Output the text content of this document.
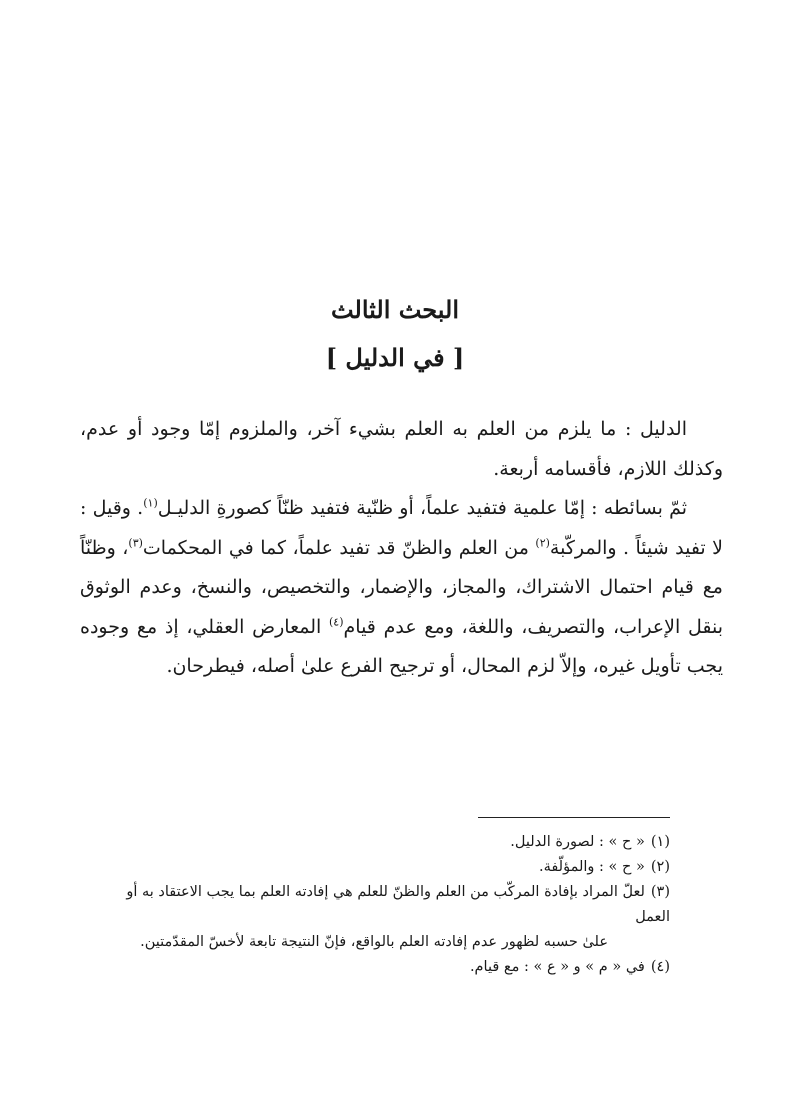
البحث الثالث
[ في الدليل ]

الدليل : ما يلزم من العلم به العلم بشيء آخر، والملزوم إمّا وجود أو عدم، وكذلك اللازم، فأقسامه أربعة.

ثمّ بسائطه : إمّا علمية فتفيد علماً، أو ظنّية فتفيد ظنّاً كصورةِ الدليـل$^{(١)}$. وقيل : لا تفيد شيئاً . والمركّبة$^{(٢)}$ من العلم والظنّ قد تفيد علماً، كما في المحكمات$^{(٣)}$، وظنّاً مع قيام احتمال الاشتراك، والمجاز، والإضمار، والتخصيص، والنسخ، وعدم الوثوق بنقل الإعراب، والتصريف، واللغة، ومع عدم قيام$^{(٤)}$ المعارض العقلي، إذ مع وجوده يجب تأويل غيره، وإلاّ لزم المحال، أو ترجيح الفرع علىٰ أصله، فيطرحان.

(١)« ح » : لصورة الدليل.
(٢)« ح » : والمؤلّفة.
(٣)لعلّ المراد بإفادة المركّب من العلم والظنّ للعلم هي إفادته العلم بما يجب الاعتقاد به أو العمل
علىٰ حسبه لظهور عدم إفادته العلم بالواقع، فإنّ النتيجة تابعة لأخسّ المقدّمتين.
(٤)في « م » و « ع » : مع قيام.
